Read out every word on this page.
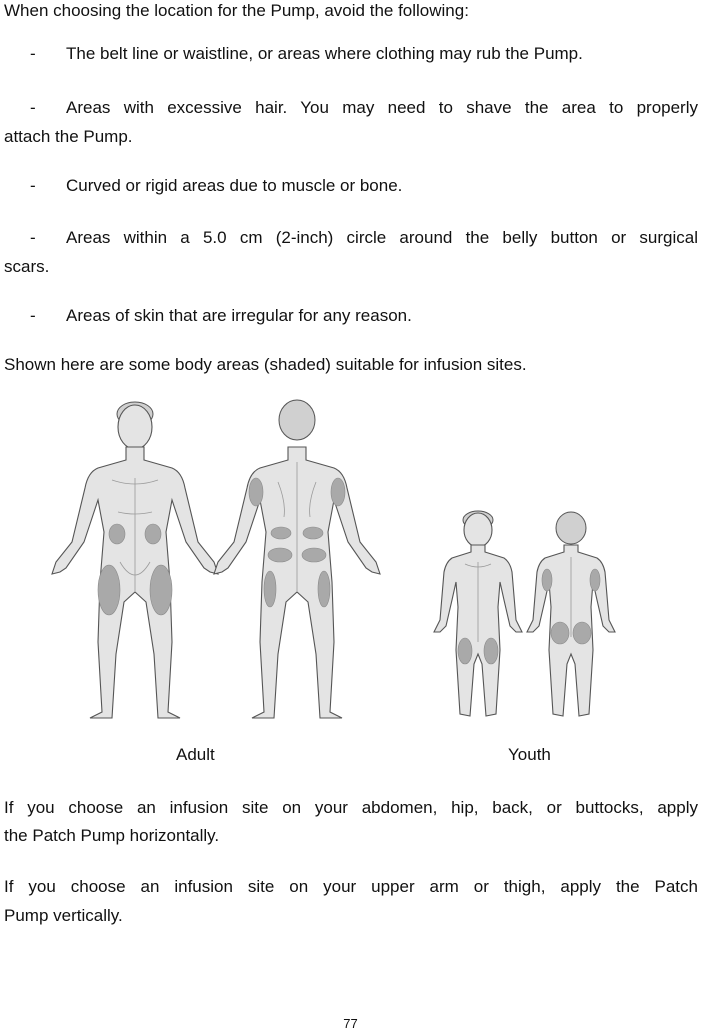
When choosing the location for the Pump, avoid the following:
- The belt line or waistline, or areas where clothing may rub the Pump.
- Areas with excessive hair. You may need to shave the area to properly
attach the Pump.
- Curved or rigid areas due to muscle or bone.
- Areas within a 5.0 cm (2-inch) circle around the belly button or surgical
scars.
- Areas of skin that are irregular for any reason.
Shown here are some body areas (shaded) suitable for infusion sites.
Adult	Youth
If you choose an infusion site on your abdomen, hip, back, or buttocks, apply
the Patch Pump horizontally.
If you choose an infusion site on your upper arm or thigh, apply the Patch
Pump vertically.
77
